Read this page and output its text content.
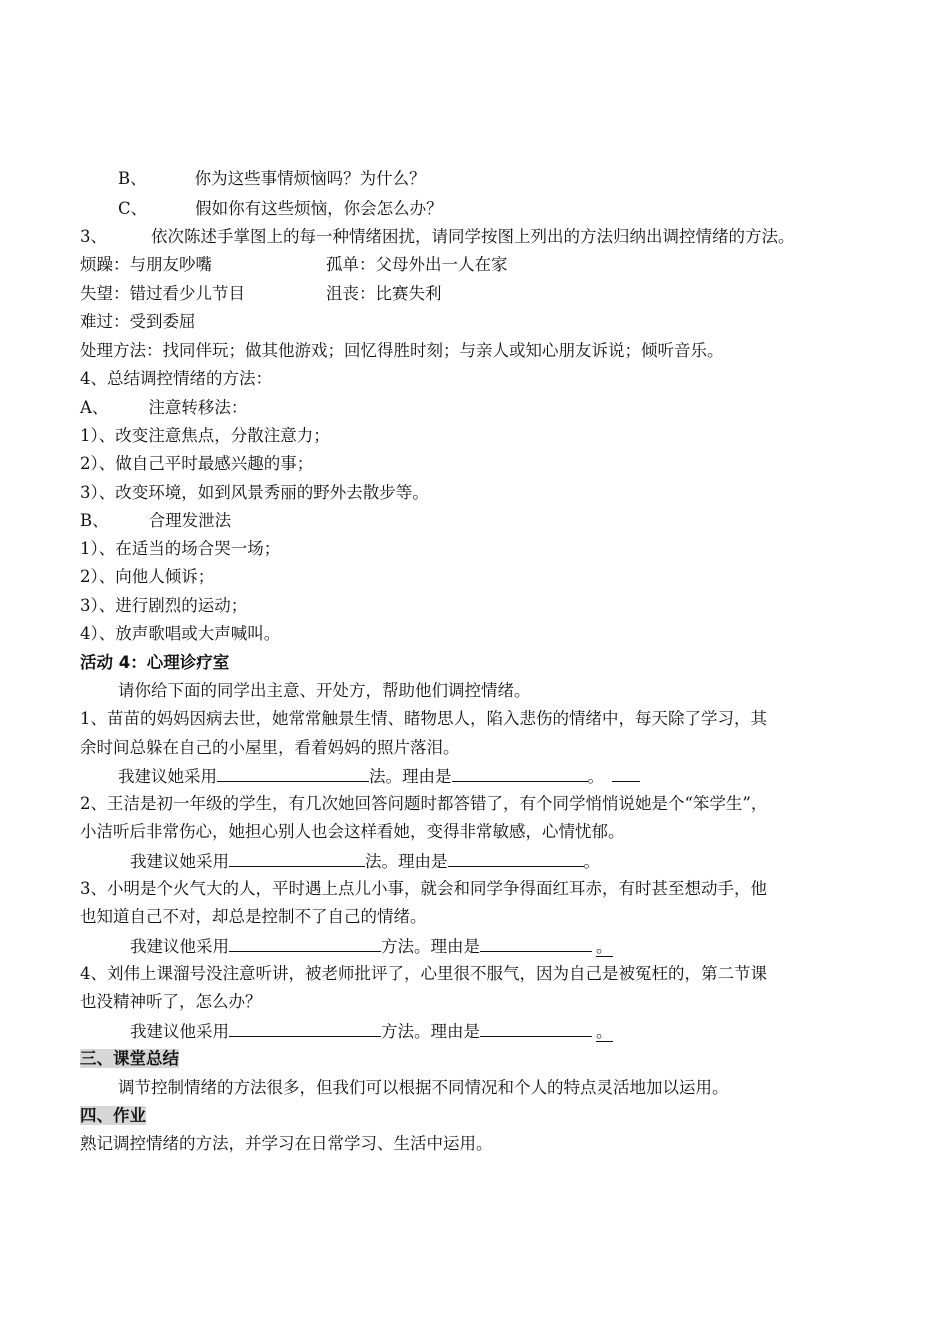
B、	你为这些事情烦恼吗？为什么？
C、	假如你有这些烦恼，你会怎么办？
3、	依次陈述手掌图上的每一种情绪困扰，请同学按图上列出的方法归纳出调控情绪的方法。
烦躁：与朋友吵嘴	孤单：父母外出一人在家
失望：错过看少儿节目	沮丧：比赛失利
难过：受到委屈
处理方法：找同伴玩；做其他游戏；回忆得胜时刻；与亲人或知心朋友诉说；倾听音乐。
4、总结调控情绪的方法：
A、 注意转移法：
1）、改变注意焦点，分散注意力；
2）、做自己平时最感兴趣的事；
3）、改变环境，如到风景秀丽的野外去散步等。
B、 合理发泄法
1）、在适当的场合哭一场；
2）、向他人倾诉；
3）、进行剧烈的运动；
4）、放声歌唱或大声喊叫。
活动 4：心理诊疗室
请你给下面的同学出主意、开处方，帮助他们调控情绪。
1、苗苗的妈妈因病去世，她常常触景生情、睹物思人，陷入悲伤的情绪中，每天除了学习，其
余时间总躲在自己的小屋里，看着妈妈的照片落泪。
我建议她采用	法。理由是	。
2、王洁是初一年级的学生，有几次她回答问题时都答错了，有个同学悄悄说她是个“笨学生”，
小洁听后非常伤心，她担心别人也会这样看她，变得非常敏感，心情忧郁。
我建议她采用	法。理由是	。
3、小明是个火气大的人，平时遇上点儿小事，就会和同学争得面红耳赤，有时甚至想动手，他
也知道自己不对，却总是控制不了自己的情绪。
我建议他采用	方法。理由是	。
4、刘伟上课溜号没注意听讲，被老师批评了，心里很不服气，因为自己是被冤枉的，第二节课
也没精神听了，怎么办？
我建议他采用	方法。理由是	。
三、课堂总结
调节控制情绪的方法很多，但我们可以根据不同情况和个人的特点灵活地加以运用。
四、作业
熟记调控情绪的方法，并学习在日常学习、生活中运用。
